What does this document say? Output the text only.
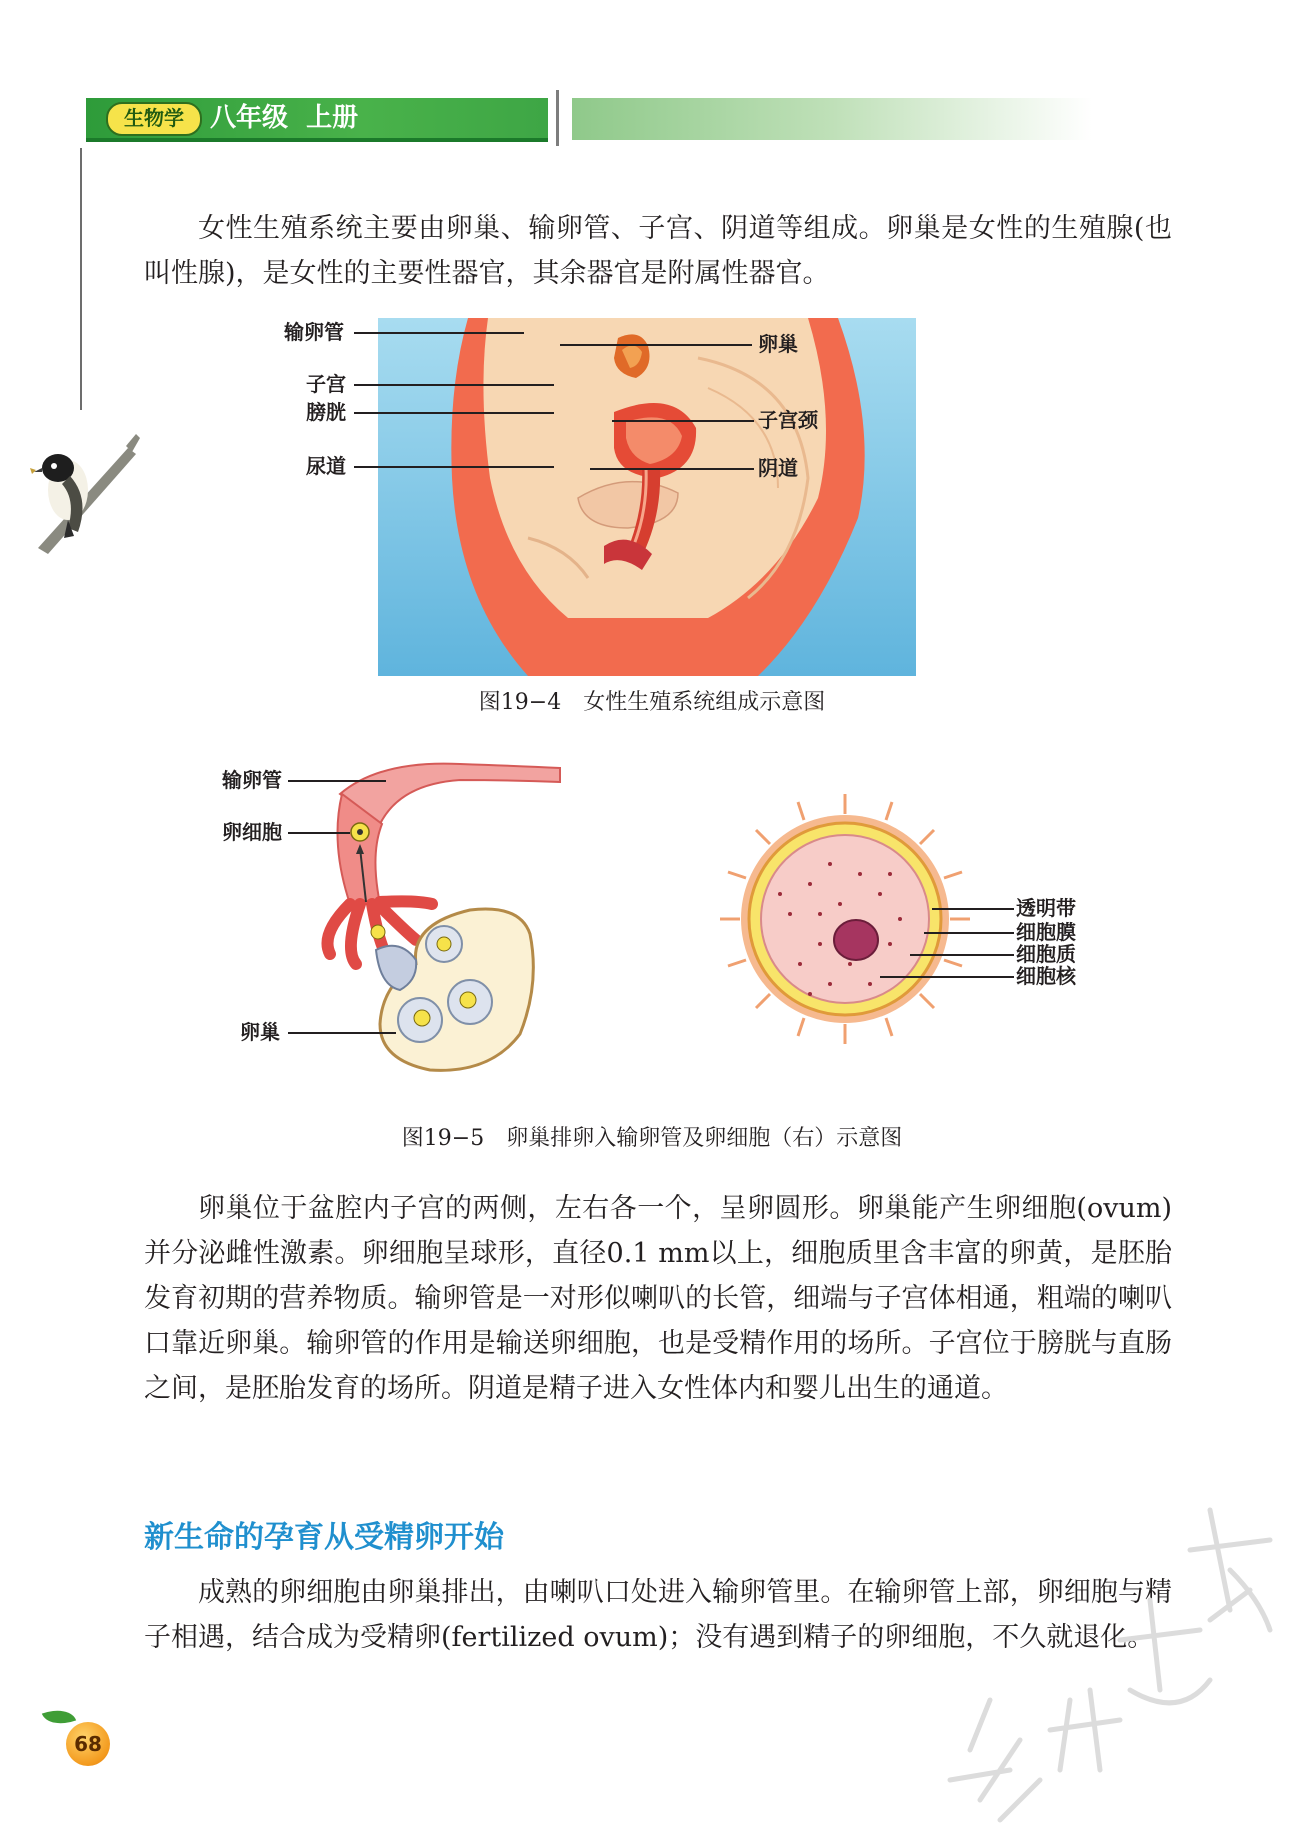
生物学	八年级  上册

女性生殖系统主要由卵巢、输卵管、子宫、阴道等组成。卵巢是女性的生殖腺(也叫性腺)，是女性的主要性器官，其余器官是附属性器官。

输卵管	卵巢
子宫
膀胱	子宫颈
尿道	阴道
图19−4　女性生殖系统组成示意图
输卵管
卵细胞
卵巢
透明带
细胞膜
细胞质
细胞核
图19−5　卵巢排卵入输卵管及卵细胞（右）示意图

卵巢位于盆腔内子宫的两侧，左右各一个，呈卵圆形。卵巢能产生卵细胞(ovum)并分泌雌性激素。卵细胞呈球形，直径0.1 mm以上，细胞质里含丰富的卵黄，是胚胎发育初期的营养物质。输卵管是一对形似喇叭的长管，细端与子宫体相通，粗端的喇叭口靠近卵巢。输卵管的作用是输送卵细胞，也是受精作用的场所。子宫位于膀胱与直肠之间，是胚胎发育的场所。阴道是精子进入女性体内和婴儿出生的通道。

新生命的孕育从受精卵开始

成熟的卵细胞由卵巢排出，由喇叭口处进入输卵管里。在输卵管上部，卵细胞与精子相遇，结合成为受精卵(fertilized ovum)；没有遇到精子的卵细胞，不久就退化。

68
